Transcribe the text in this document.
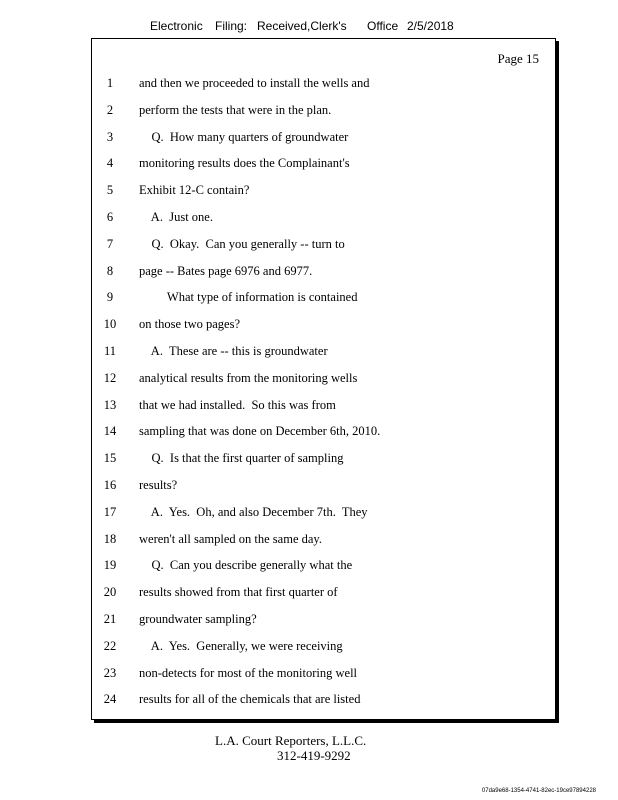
Electronic Filing: Received,Clerk's Office 2/5/2018
Page 15
1	and then we proceeded to install the wells and
2	perform the tests that were in the plan.
3	Q.  How many quarters of groundwater
4	monitoring results does the Complainant's
5	Exhibit 12-C contain?
6	A.  Just one.
7	Q.  Okay.  Can you generally -- turn to
8	page -- Bates page 6976 and 6977.
9	What type of information is contained
10	on those two pages?
11	A.  These are -- this is groundwater
12	analytical results from the monitoring wells
13	that we had installed.  So this was from
14	sampling that was done on December 6th, 2010.
15	Q.  Is that the first quarter of sampling
16	results?
17	A.  Yes.  Oh, and also December 7th.  They
18	weren't all sampled on the same day.
19	Q.  Can you describe generally what the
20	results showed from that first quarter of
21	groundwater sampling?
22	A.  Yes.  Generally, we were receiving
23	non-detects for most of the monitoring well
24	results for all of the chemicals that are listed
L.A. Court Reporters, L.L.C.
312-419-9292
07da9e68-1354-4741-82ec-19ce97894228
